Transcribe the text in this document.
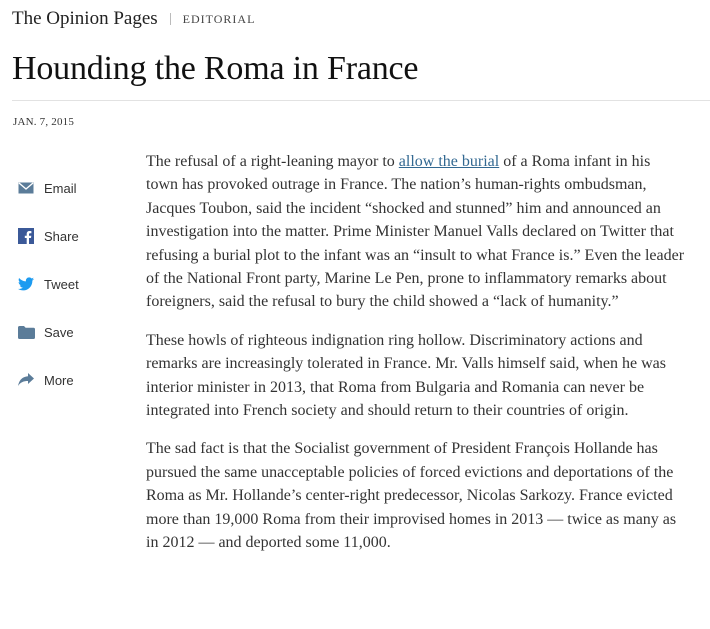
The Opinion Pages EDITORIAL
Hounding the Roma in France
JAN. 7, 2015
Email
Share
Tweet
Save
More

The refusal of a right-leaning mayor to allow the burial of a Roma infant in his town has provoked outrage in France. The nation’s human-rights ombudsman, Jacques Toubon, said the incident “shocked and stunned” him and announced an investigation into the matter. Prime Minister Manuel Valls declared on Twitter that refusing a burial plot to the infant was an “insult to what France is.” Even the leader of the National Front party, Marine Le Pen, prone to inflammatory remarks about foreigners, said the refusal to bury the child showed a “lack of humanity.”

These howls of righteous indignation ring hollow. Discriminatory actions and remarks are increasingly tolerated in France. Mr. Valls himself said, when he was interior minister in 2013, that Roma from Bulgaria and Romania can never be integrated into French society and should return to their countries of origin.

The sad fact is that the Socialist government of President François Hollande has pursued the same unacceptable policies of forced evictions and deportations of the Roma as Mr. Hollande’s center-right predecessor, Nicolas Sarkozy. France evicted more than 19,000 Roma from their improvised homes in 2013 — twice as many as in 2012 — and deported some 11,000.
